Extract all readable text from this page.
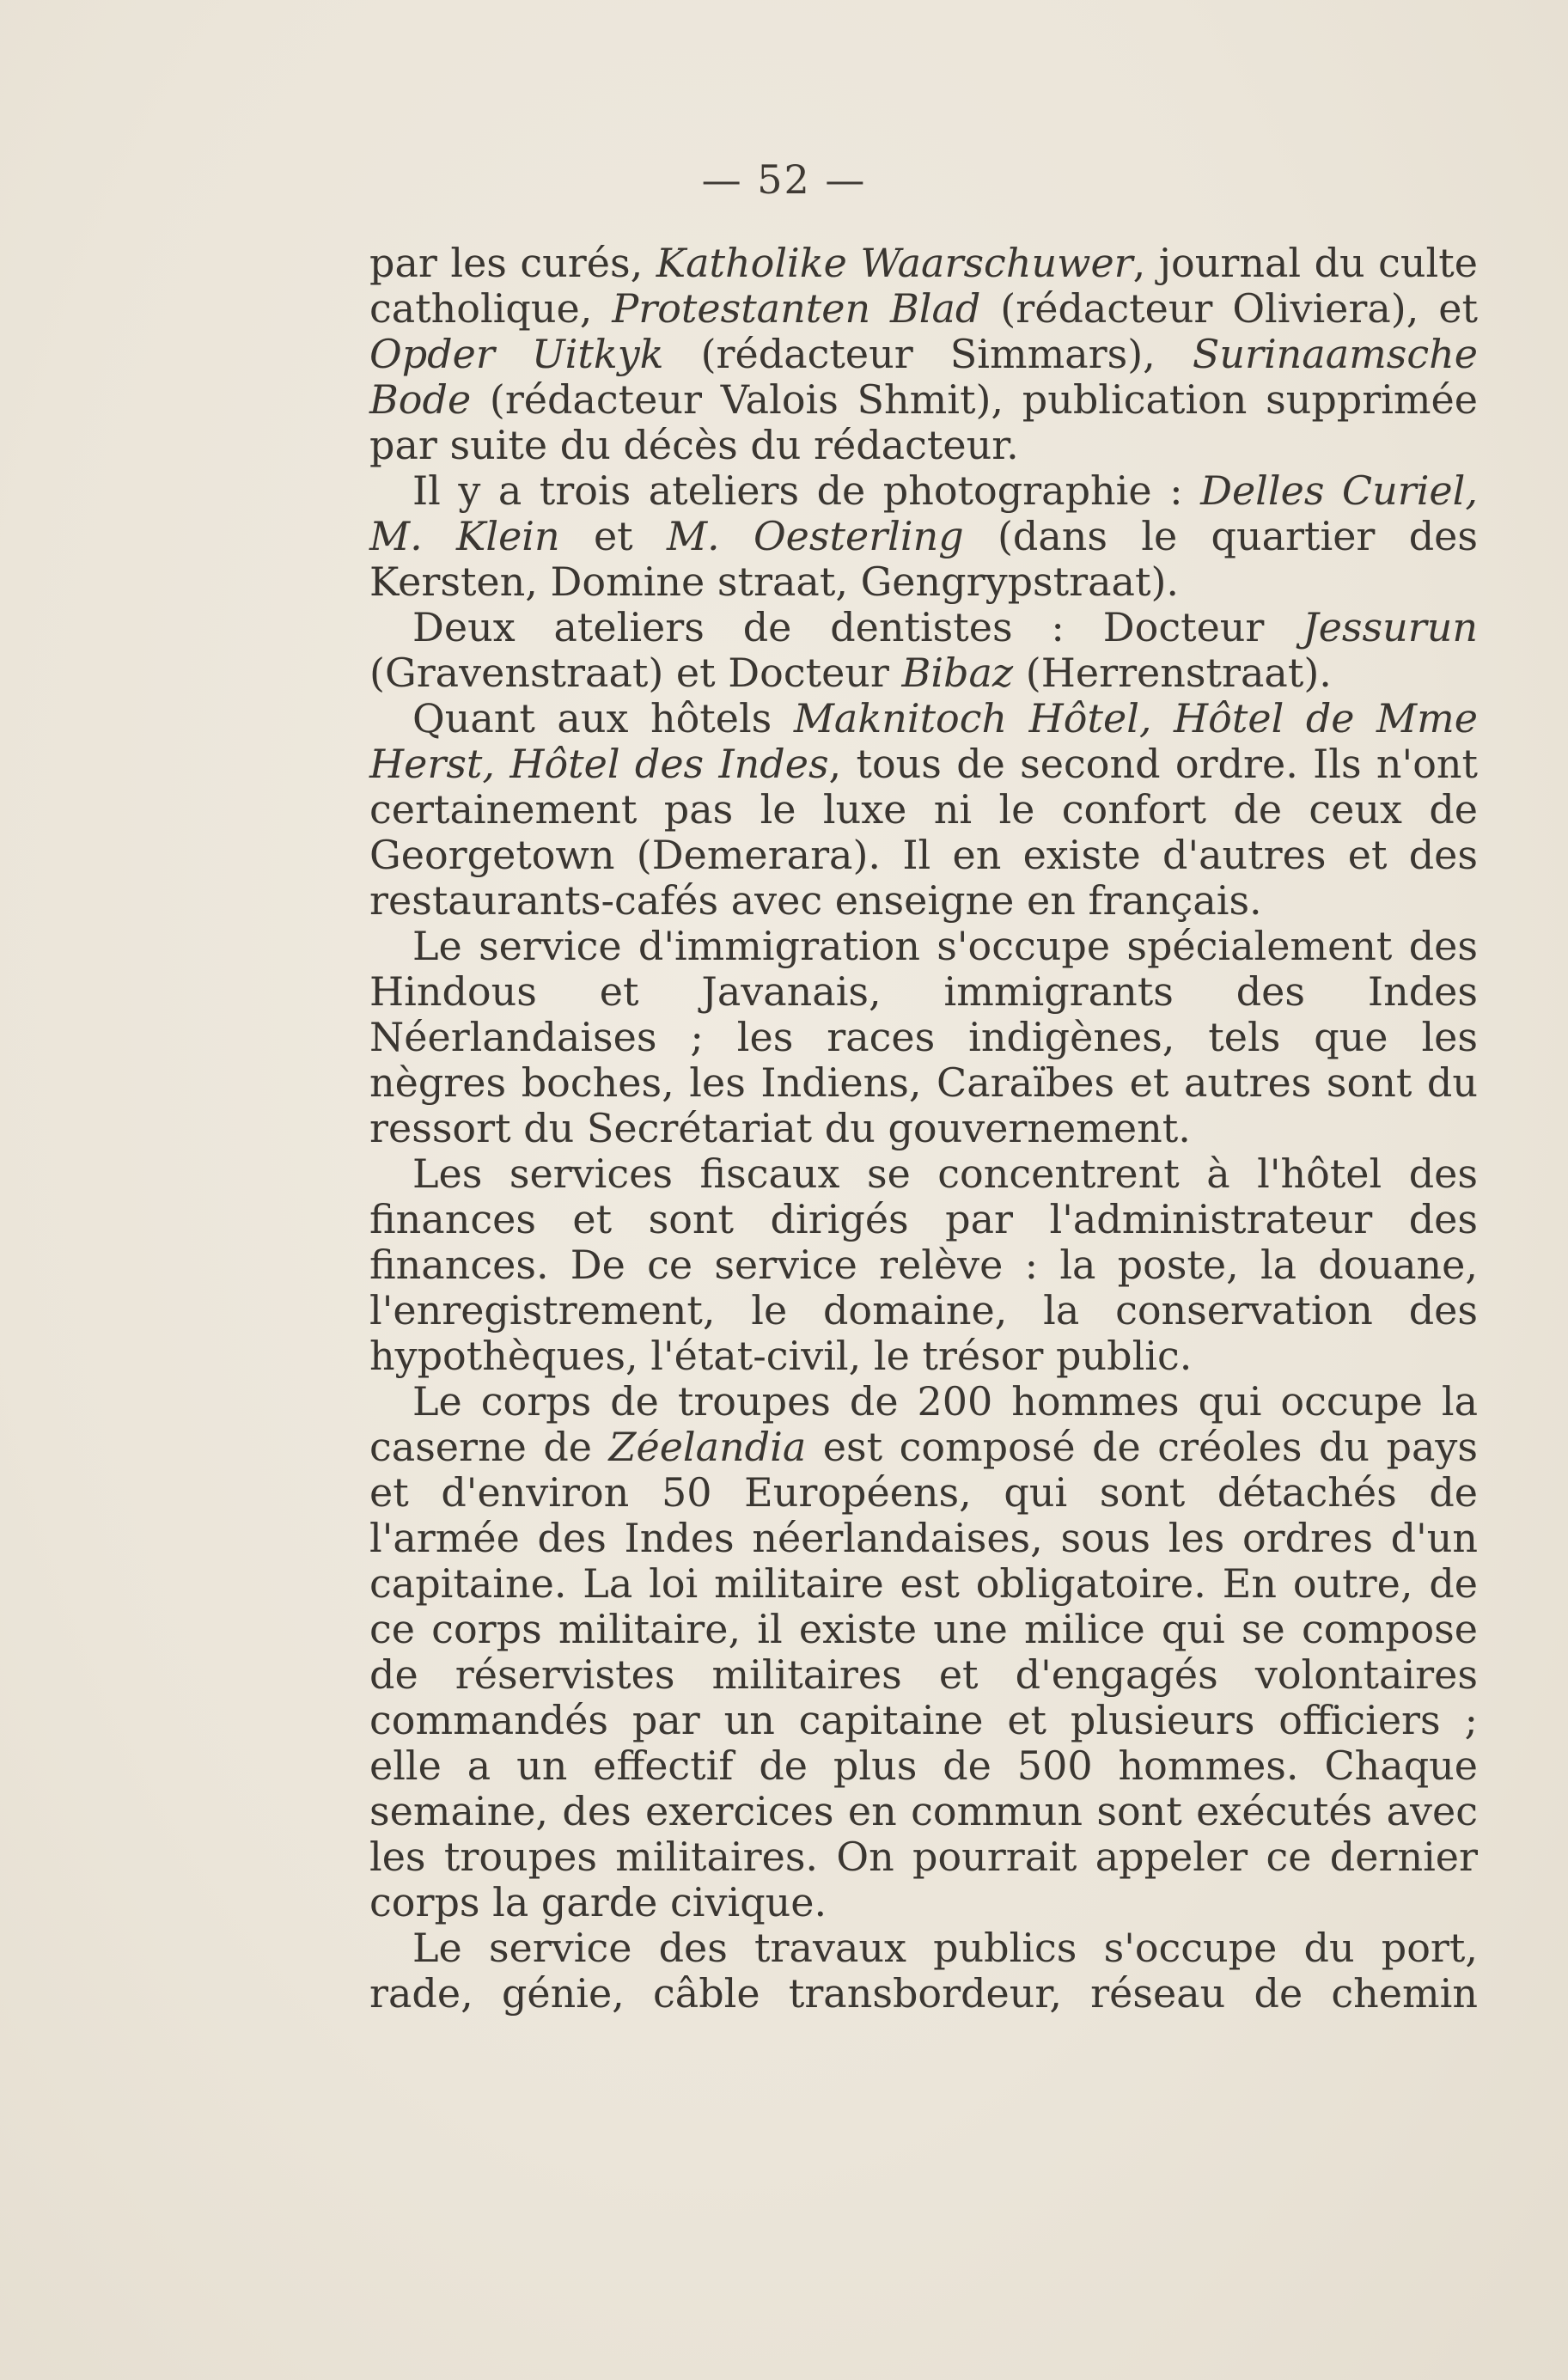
— 52 —

par les curés, Katholike Waarschuwer, journal du culte catholique, Protestanten Blad (rédacteur Oliviera), et Opder Uitkyk (rédacteur Simmars), Surinaamsche Bode (rédacteur Valois Shmit), publication supprimée par suite du décès du rédacteur.

Il y a trois ateliers de photographie : Delles Curiel, M. Klein et M. Oesterling (dans le quartier des Kersten, Domine straat, Gengrypstraat).

Deux ateliers de dentistes : Docteur Jessurun (Gravenstraat) et Docteur Bibaz (Herrenstraat).

Quant aux hôtels Maknitoch Hôtel, Hôtel de Mme Herst, Hôtel des Indes, tous de second ordre. Ils n'ont certainement pas le luxe ni le confort de ceux de Georgetown (Demerara). Il en existe d'autres et des restaurants-cafés avec enseigne en français.

Le service d'immigration s'occupe spécialement des Hindous et Javanais, immigrants des Indes Néerlandaises ; les races indigènes, tels que les nègres boches, les Indiens, Caraïbes et autres sont du ressort du Secrétariat du gouvernement.

Les services fiscaux se concentrent à l'hôtel des finances et sont dirigés par l'administrateur des finances. De ce service relève : la poste, la douane, l'enregistrement, le domaine, la conservation des hypothèques, l'état-civil, le trésor public.

Le corps de troupes de 200 hommes qui occupe la caserne de Zéelandia est composé de créoles du pays et d'environ 50 Européens, qui sont détachés de l'armée des Indes néerlandaises, sous les ordres d'un capitaine. La loi militaire est obligatoire. En outre, de ce corps militaire, il existe une milice qui se compose de réservistes militaires et d'engagés volontaires commandés par un capitaine et plusieurs officiers ; elle a un effectif de plus de 500 hommes. Chaque semaine, des exercices en commun sont exécutés avec les troupes militaires. On pourrait appeler ce dernier corps la garde civique.

Le service des travaux publics s'occupe du port, rade, génie, câble transbordeur, réseau de chemin
